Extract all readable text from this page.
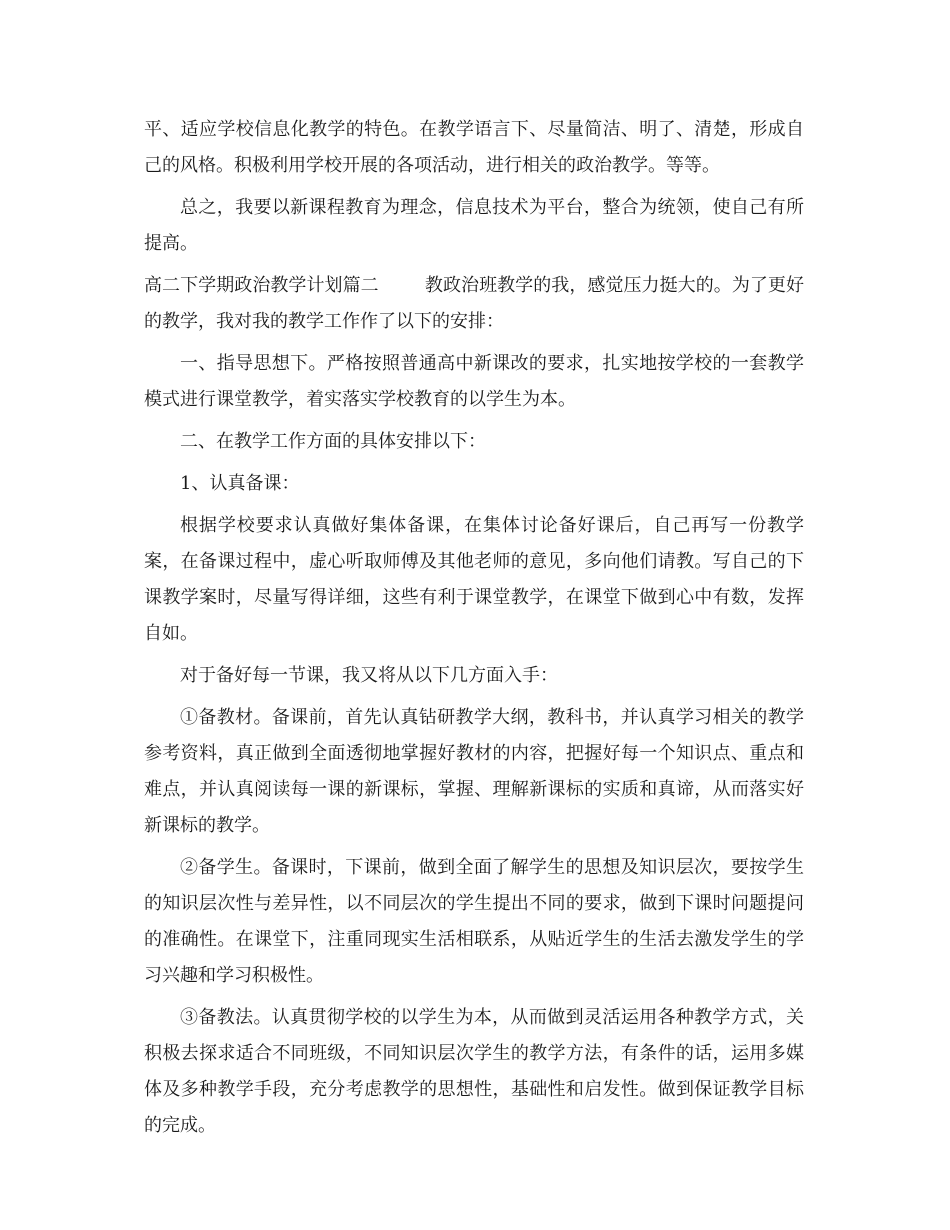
平、适应学校信息化教学的特色。在教学语言下、尽量简洁、明了、清楚，形成自己的风格。积极利用学校开展的各项活动，进行相关的政治教学。等等。

总之，我要以新课程教育为理念，信息技术为平台，整合为统领，使自己有所提高。

高二下学期政治教学计划篇二        教政治班教学的我，感觉压力挺大的。为了更好的教学，我对我的教学工作作了以下的安排：

一、指导思想下。严格按照普通高中新课改的要求，扎实地按学校的一套教学模式进行课堂教学，着实落实学校教育的以学生为本。

二、在教学工作方面的具体安排以下：

1、认真备课：

根据学校要求认真做好集体备课，在集体讨论备好课后，自己再写一份教学案，在备课过程中，虚心听取师傅及其他老师的意见，多向他们请教。写自己的下课教学案时，尽量写得详细，这些有利于课堂教学，在课堂下做到心中有数，发挥自如。

对于备好每一节课，我又将从以下几方面入手：

①备教材。备课前，首先认真钻研教学大纲，教科书，并认真学习相关的教学参考资料，真正做到全面透彻地掌握好教材的内容，把握好每一个知识点、重点和难点，并认真阅读每一课的新课标，掌握、理解新课标的实质和真谛，从而落实好新课标的教学。

②备学生。备课时，下课前，做到全面了解学生的思想及知识层次，要按学生的知识层次性与差异性，以不同层次的学生提出不同的要求，做到下课时问题提问的准确性。在课堂下，注重同现实生活相联系，从贴近学生的生活去激发学生的学习兴趣和学习积极性。

③备教法。认真贯彻学校的以学生为本，从而做到灵活运用各种教学方式，关积极去探求适合不同班级，不同知识层次学生的教学方法，有条件的话，运用多媒体及多种教学手段，充分考虑教学的思想性，基础性和启发性。做到保证教学目标的完成。
